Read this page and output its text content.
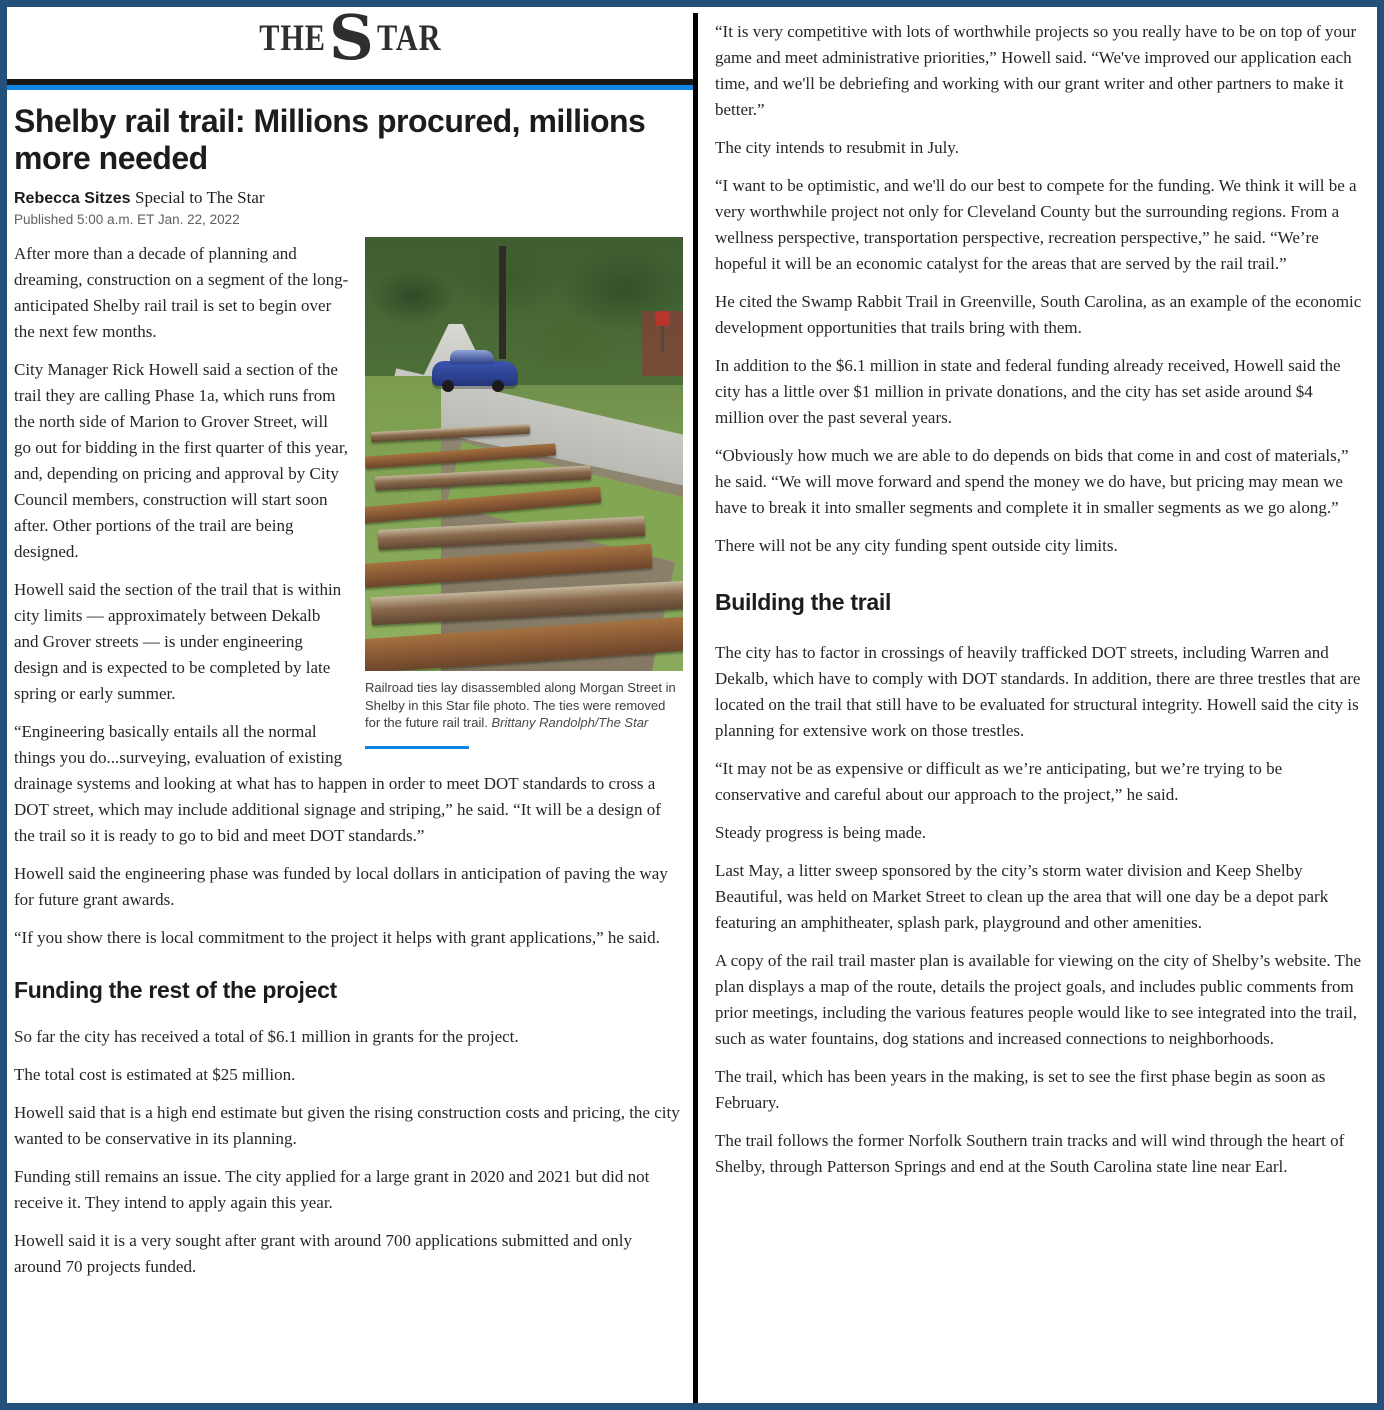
THESTAR
Shelby rail trail: Millions procured, millions more needed

Rebecca Sitzes Special to The Star

Published 5:00 a.m. ET Jan. 22, 2022

Railroad ties lay disassembled along Morgan Street in Shelby in this Star file photo. The ties were removed for the future rail trail. Brittany Randolph/The Star

After more than a decade of planning and dreaming, construction on a segment of the long-anticipated Shelby rail trail is set to begin over the next few months.

City Manager Rick Howell said a section of the trail they are calling Phase 1a, which runs from the north side of Marion to Grover Street, will go out for bidding in the first quarter of this year, and, depending on pricing and approval by City Council members, construction will start soon after. Other portions of the trail are being designed.

Howell said the section of the trail that is within city limits — approximately between Dekalb and Grover streets — is under engineering design and is expected to be completed by late spring or early summer.

“Engineering basically entails all the normal things you do...surveying, evaluation of existing drainage systems and looking at what has to happen in order to meet DOT standards to cross a DOT street, which may include additional signage and striping,” he said. “It will be a design of the trail so it is ready to go to bid and meet DOT standards.”

Howell said the engineering phase was funded by local dollars in anticipation of paving the way for future grant awards.

“If you show there is local commitment to the project it helps with grant applications,” he said.

Funding the rest of the project

So far the city has received a total of $6.1 million in grants for the project.

The total cost is estimated at $25 million.

Howell said that is a high end estimate but given the rising construction costs and pricing, the city wanted to be conservative in its planning.

Funding still remains an issue. The city applied for a large grant in 2020 and 2021 but did not receive it. They intend to apply again this year.

Howell said it is a very sought after grant with around 700 applications submitted and only around 70 projects funded.

“It is very competitive with lots of worthwhile projects so you really have to be on top of your game and meet administrative priorities,” Howell said. “We've improved our application each time, and we'll be debriefing and working with our grant writer and other partners to make it better.”

The city intends to resubmit in July.

“I want to be optimistic, and we'll do our best to compete for the funding. We think it will be a very worthwhile project not only for Cleveland County but the surrounding regions. From a wellness perspective, transportation perspective, recreation perspective,” he said. “We’re hopeful it will be an economic catalyst for the areas that are served by the rail trail.”

He cited the Swamp Rabbit Trail in Greenville, South Carolina, as an example of the economic development opportunities that trails bring with them.

In addition to the $6.1 million in state and federal funding already received, Howell said the city has a little over $1 million in private donations, and the city has set aside around $4 million over the past several years.

“Obviously how much we are able to do depends on bids that come in and cost of materials,” he said. “We will move forward and spend the money we do have, but pricing may mean we have to break it into smaller segments and complete it in smaller segments as we go along.”

There will not be any city funding spent outside city limits.

Building the trail

The city has to factor in crossings of heavily trafficked DOT streets, including Warren and Dekalb, which have to comply with DOT standards. In addition, there are three trestles that are located on the trail that still have to be evaluated for structural integrity. Howell said the city is planning for extensive work on those trestles.

“It may not be as expensive or difficult as we’re anticipating, but we’re trying to be conservative and careful about our approach to the project,” he said.

Steady progress is being made.

Last May, a litter sweep sponsored by the city’s storm water division and Keep Shelby Beautiful, was held on Market Street to clean up the area that will one day be a depot park featuring an amphitheater, splash park, playground and other amenities.

A copy of the rail trail master plan is available for viewing on the city of Shelby’s website. The plan displays a map of the route, details the project goals, and includes public comments from prior meetings, including the various features people would like to see integrated into the trail, such as water fountains, dog stations and increased connections to neighborhoods.

The trail, which has been years in the making, is set to see the first phase begin as soon as February.

The trail follows the former Norfolk Southern train tracks and will wind through the heart of Shelby, through Patterson Springs and end at the South Carolina state line near Earl.
